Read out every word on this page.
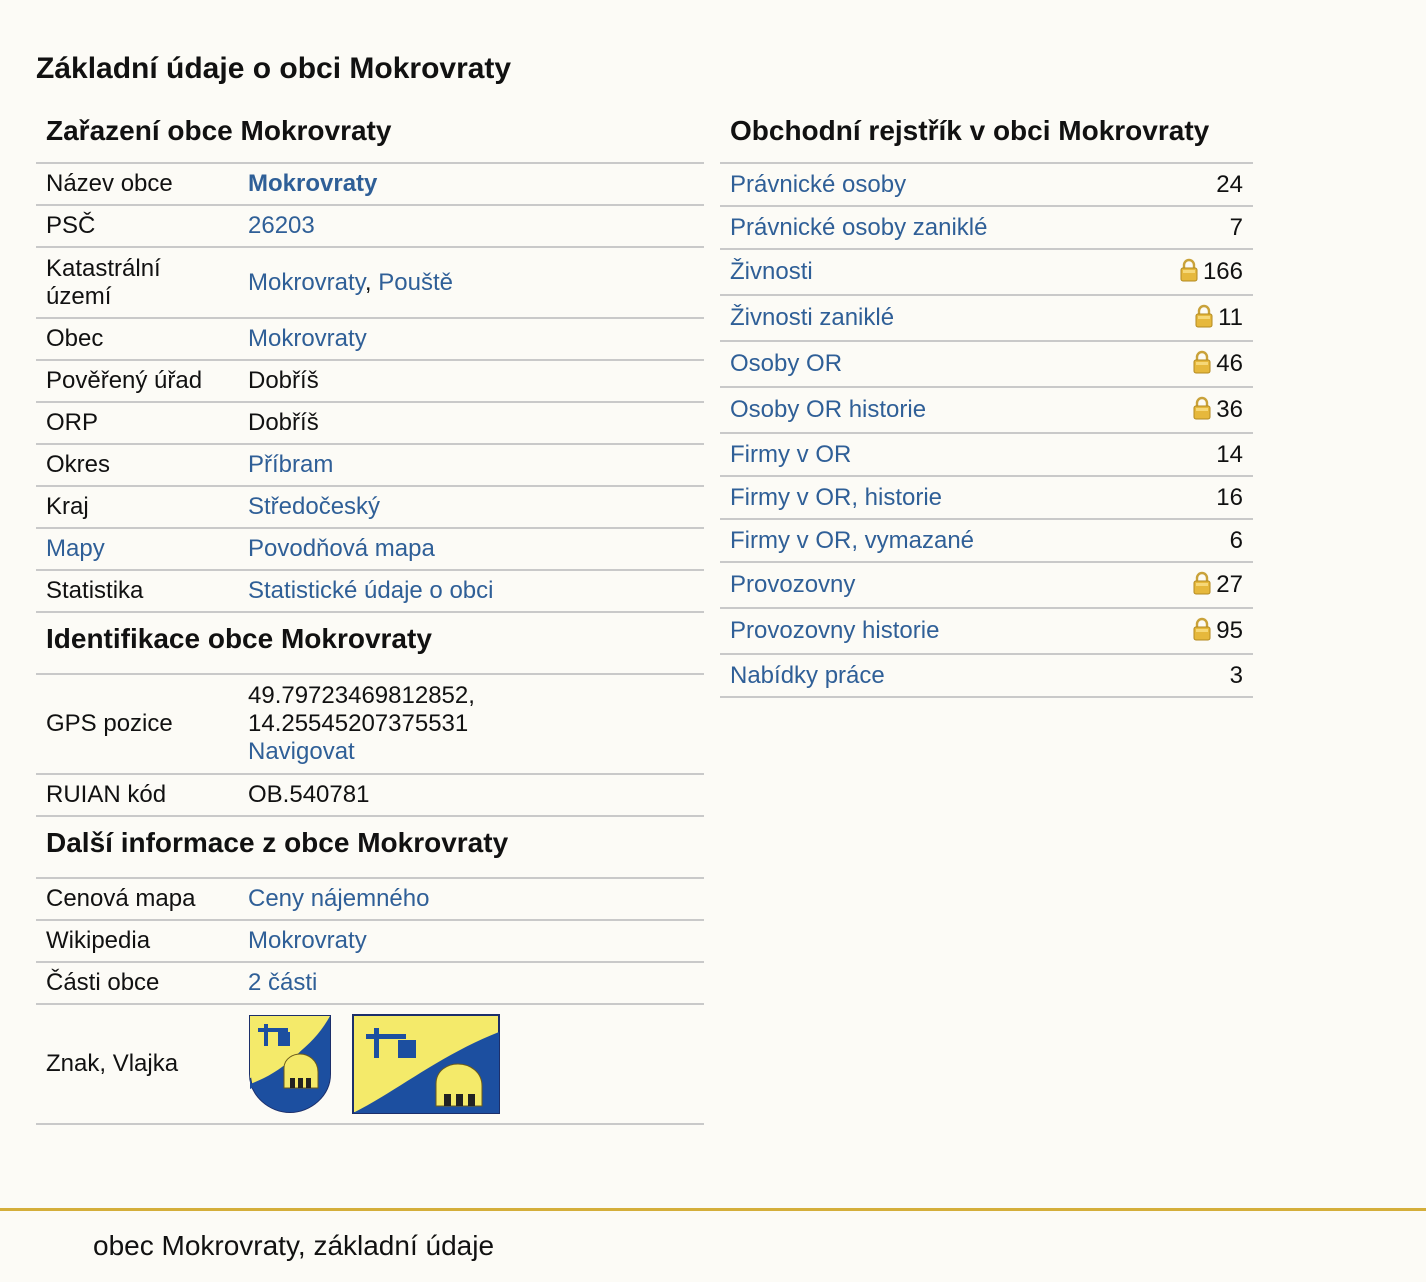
Základní údaje o obci Mokrovraty
Zařazení obce Mokrovraty
Název obce	Mokrovraty
PSČ	26203
Katastrální území	Mokrovraty, Pouště
Obec	Mokrovraty
Pověřený úřad	Dobříš
ORP	Dobříš
Okres	Příbram
Kraj	Středočeský
Mapy	Povodňová mapa
Statistika	Statistické údaje o obci
Identifikace obce Mokrovraty
GPS pozice	49.79723469812852,
14.25545207375531
Navigovat
RUIAN kód	OB.540781
Další informace z obce Mokrovraty
Cenová mapa	Ceny nájemného
Wikipedia	Mokrovraty
Části obce	2 části
Znak, Vlajka	
Obchodní rejstřík v obci Mokrovraty
Právnické osoby	24
Právnické osoby zaniklé	7
Živnosti	166
Živnosti zaniklé	11
Osoby OR	46
Osoby OR historie	36
Firmy v OR	14
Firmy v OR, historie	16
Firmy v OR, vymazané	6
Provozovny	27
Provozovny historie	95
Nabídky práce	3
obec Mokrovraty, základní údaje
